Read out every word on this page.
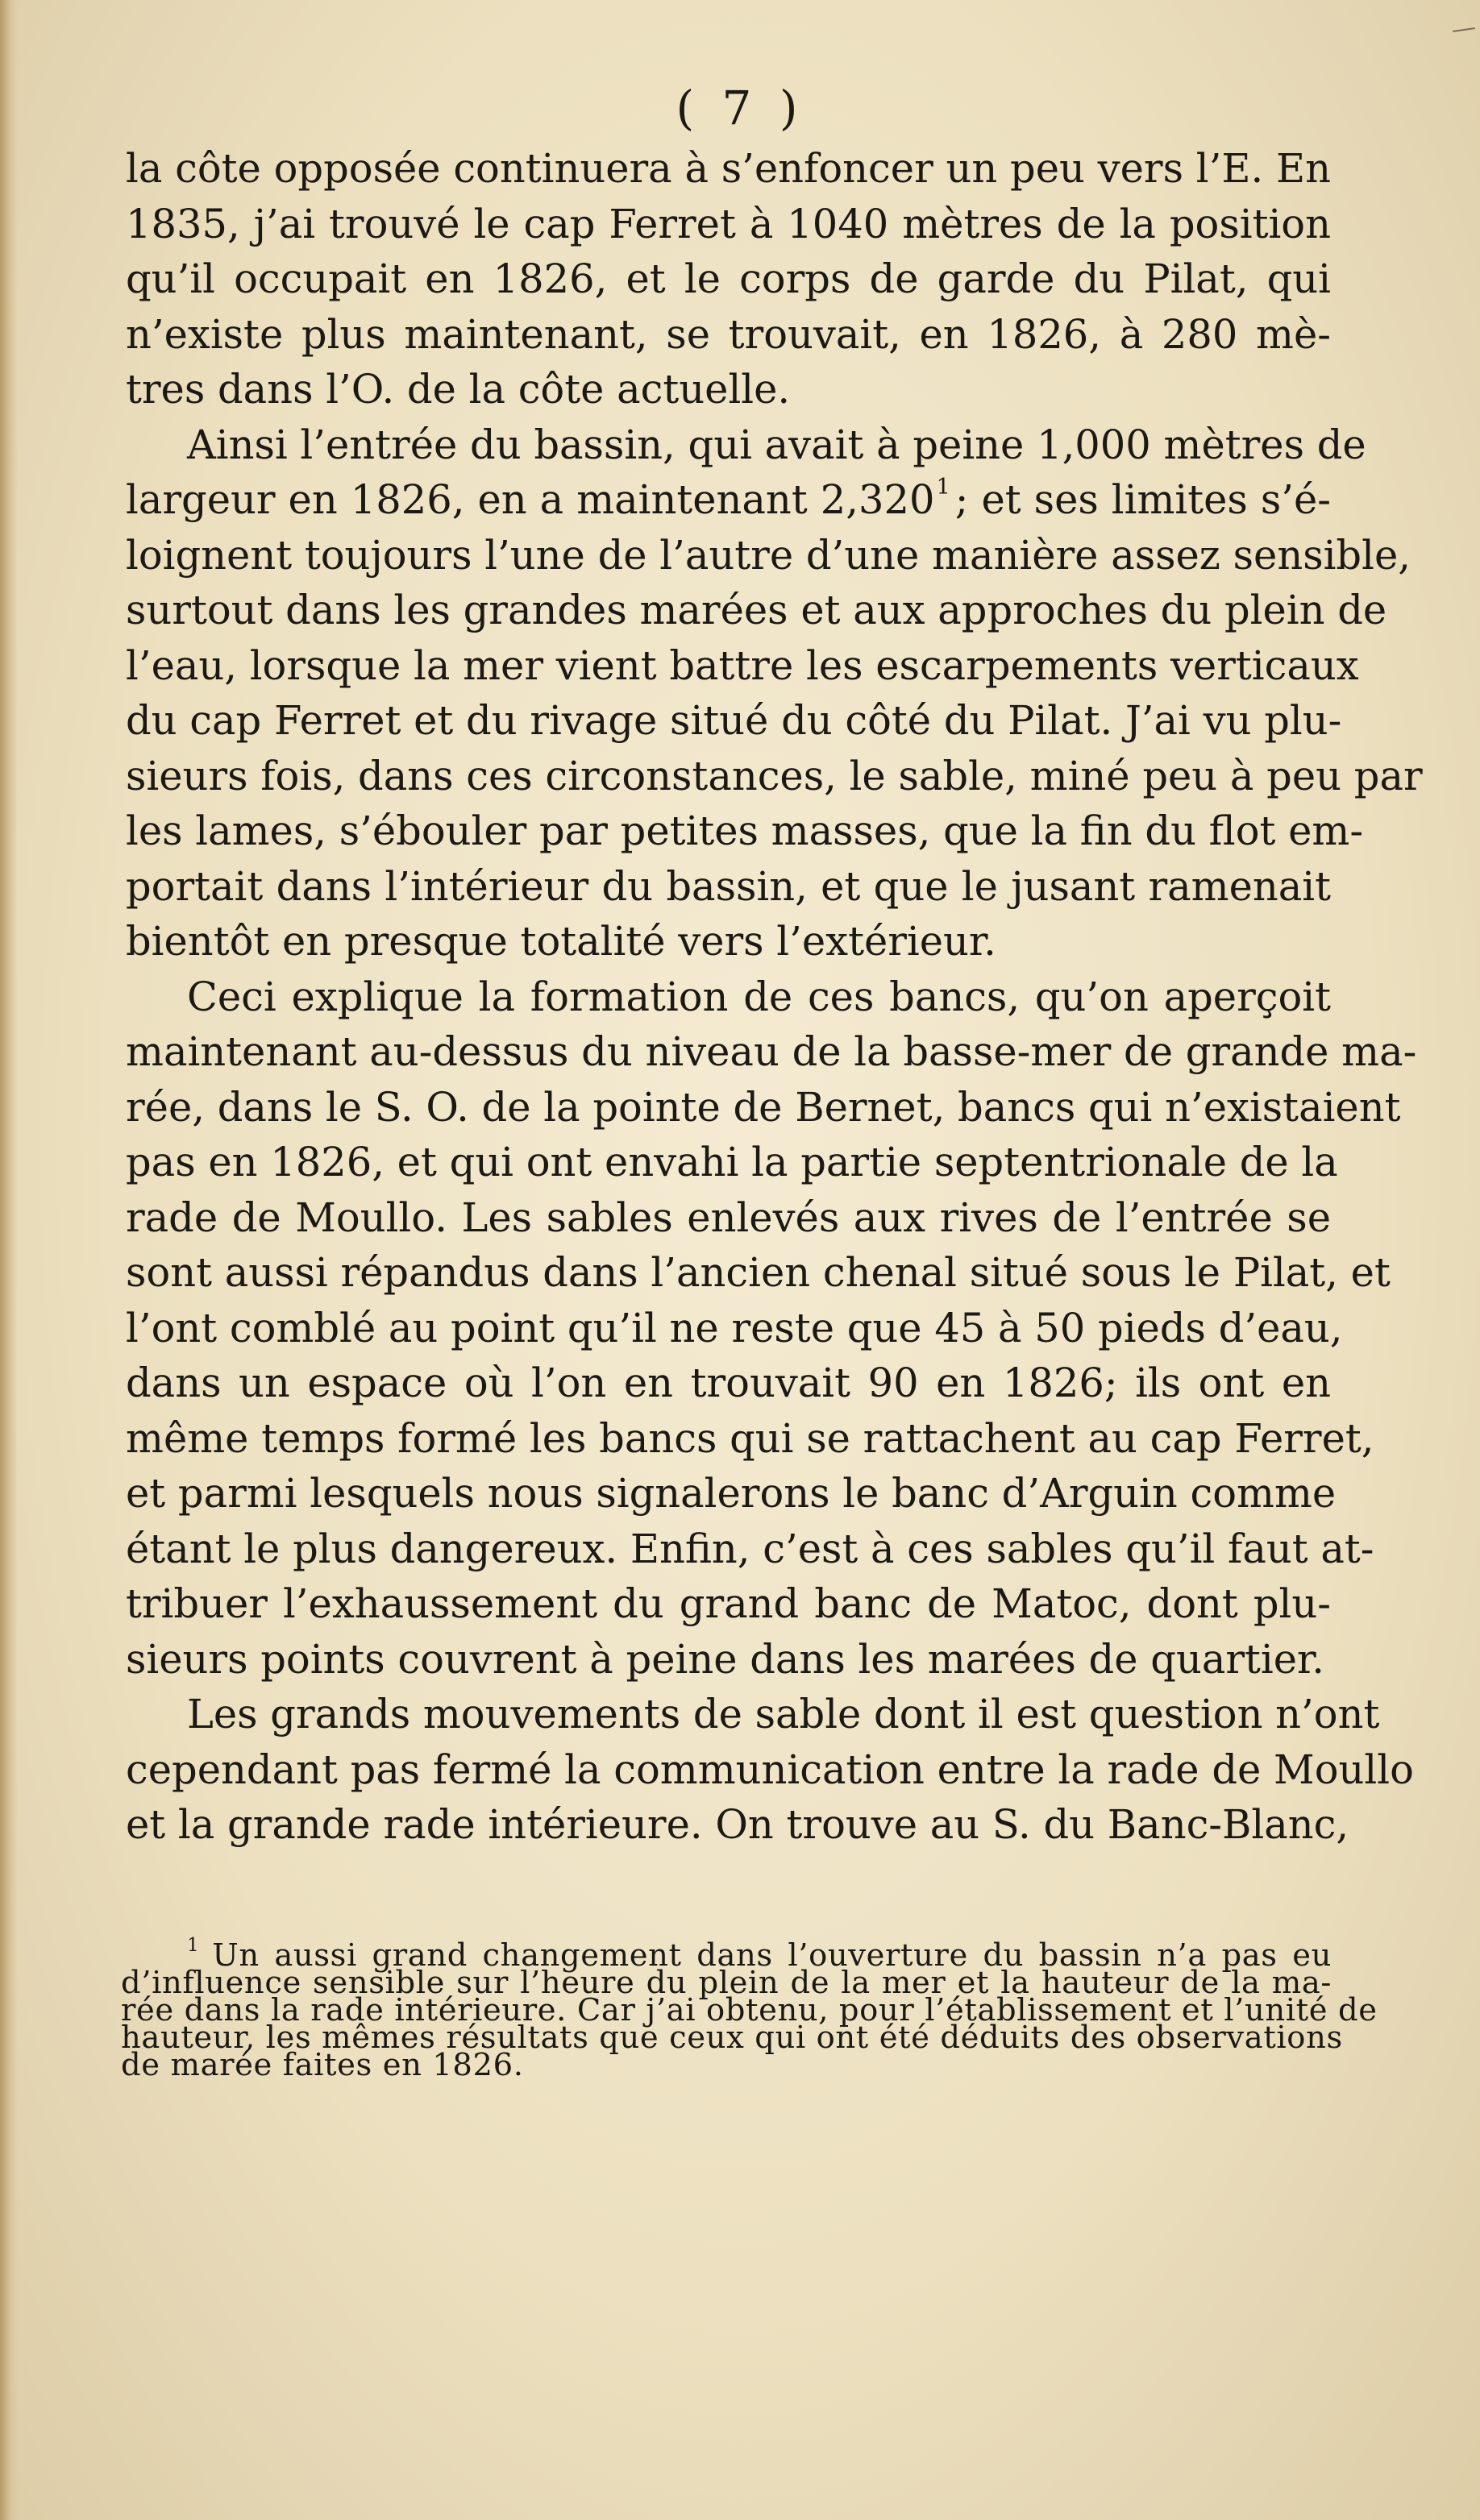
( 7 )
la côte opposée continuera à s’enfoncer un peu vers l’E. En
1835, j’ai trouvé le cap Ferret à 1040 mètres de la position
qu’il occupait en 1826, et le corps de garde du Pilat, qui
n’existe plus maintenant, se trouvait, en 1826, à 280 mè-
tres dans l’O. de la côte actuelle.
Ainsi l’entrée du bassin, qui avait à peine 1,000 mètres de
largeur en 1826, en a maintenant 2,320$^1$ ; et ses limites s’é-
loignent toujours l’une de l’autre d’une manière assez sensible,
surtout dans les grandes marées et aux approches du plein de
l’eau, lorsque la mer vient battre les escarpements verticaux
du cap Ferret et du rivage situé du côté du Pilat. J’ai vu plu-
sieurs fois, dans ces circonstances, le sable, miné peu à peu par
les lames, s’ébouler par petites masses, que la fin du flot em-
portait dans l’intérieur du bassin, et que le jusant ramenait
bientôt en presque totalité vers l’extérieur.
Ceci explique la formation de ces bancs, qu’on aperçoit
maintenant au-dessus du niveau de la basse-mer de grande ma-
rée, dans le S. O. de la pointe de Bernet, bancs qui n’existaient
pas en 1826, et qui ont envahi la partie septentrionale de la
rade de Moullo. Les sables enlevés aux rives de l’entrée se
sont aussi répandus dans l’ancien chenal situé sous le Pilat, et
l’ont comblé au point qu’il ne reste que 45 à 50 pieds d’eau,
dans un espace où l’on en trouvait 90 en 1826; ils ont en
même temps formé les bancs qui se rattachent au cap Ferret,
et parmi lesquels nous signalerons le banc d’Arguin comme
étant le plus dangereux. Enfin, c’est à ces sables qu’il faut at-
tribuer l’exhaussement du grand banc de Matoc, dont plu-
sieurs points couvrent à peine dans les marées de quartier.
Les grands mouvements de sable dont il est question n’ont
cependant pas fermé la communication entre la rade de Moullo
et la grande rade intérieure. On trouve au S. du Banc-Blanc,
$^1$ Un aussi grand changement dans l’ouverture du bassin n’a pas eu
d’influence sensible sur l’heure du plein de la mer et la hauteur de la ma-
rée dans la rade intérieure. Car j’ai obtenu, pour l’établissement et l’unité de
hauteur, les mêmes résultats que ceux qui ont été déduits des observations
de marée faites en 1826.
